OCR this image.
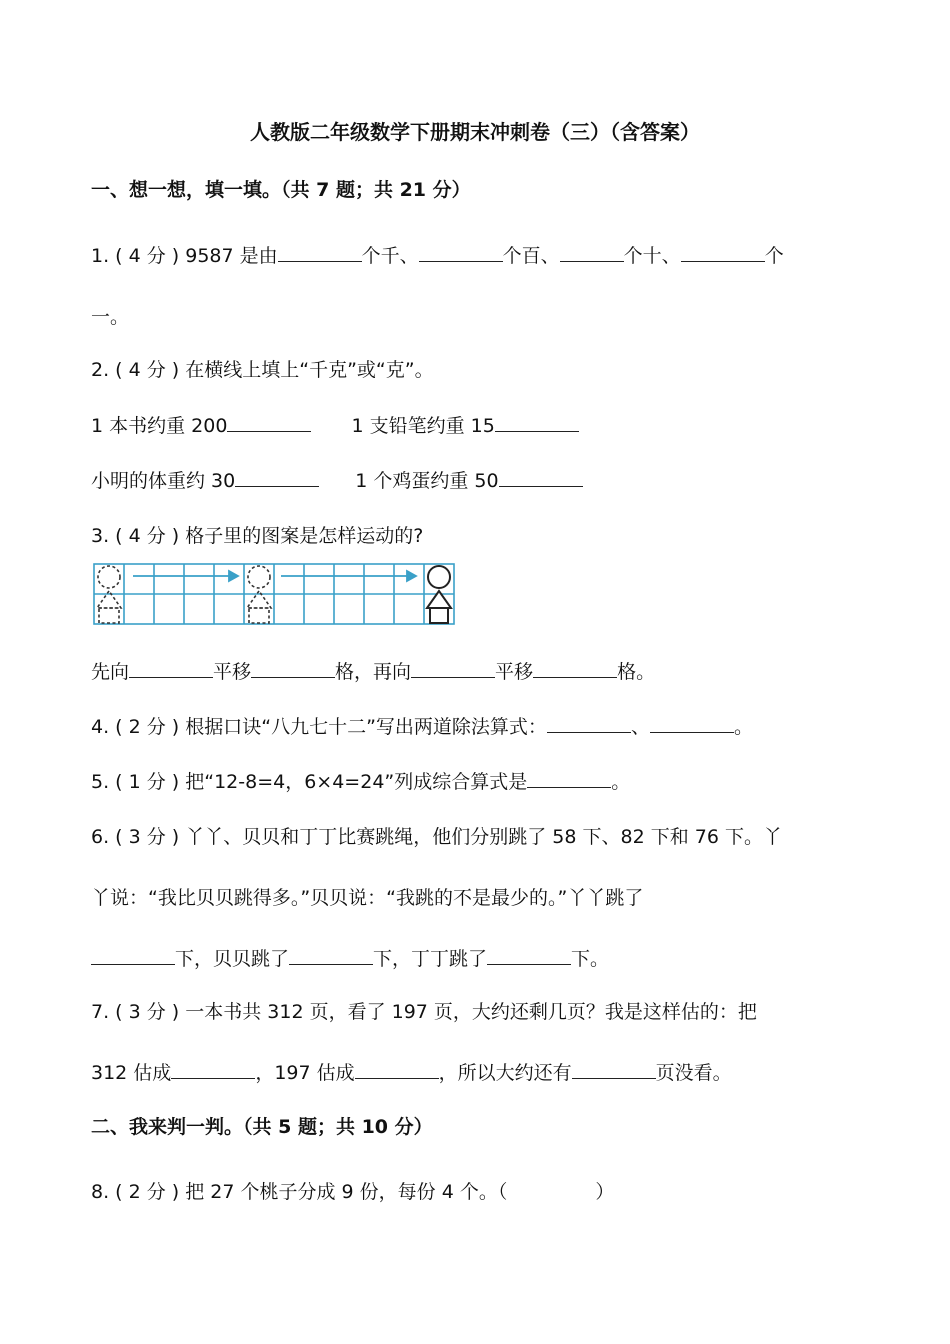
人教版二年级数学下册期末冲刺卷（三）（含答案）
一、想一想，填一填。（共 7 题；共 21 分）
1. ( 4 分 ) 9587 是由	个千、	个百、	个十、	个
一。
2. ( 4 分 ) 在横线上填上“千克”或“克”。
1 本书约重 200	1 支铅笔约重 15
小明的体重约 30	1 个鸡蛋约重 50
3. ( 4 分 ) 格子里的图案是怎样运动的?
先向	平移	格，再向	平移	格。
4. ( 2 分 ) 根据口诀“八九七十二”写出两道除法算式：	、	。
5. ( 1 分 ) 把“12-8=4，6×4=24”列成综合算式是	。
6. ( 3 分 ) 丫丫、贝贝和丁丁比赛跳绳，他们分别跳了 58 下、82 下和 76 下。丫
丫说：“我比贝贝跳得多。”贝贝说：“我跳的不是最少的。”丫丫跳了
下，贝贝跳了	下，丁丁跳了	下。
7. ( 3 分 ) 一本书共 312 页，看了 197 页，大约还剩几页？我是这样估的：把
312 估成	，197 估成	，所以大约还有	页没看。
二、我来判一判。（共 5 题；共 10 分）
8. ( 2 分 ) 把 27 个桃子分成 9 份，每份 4 个。（	）
